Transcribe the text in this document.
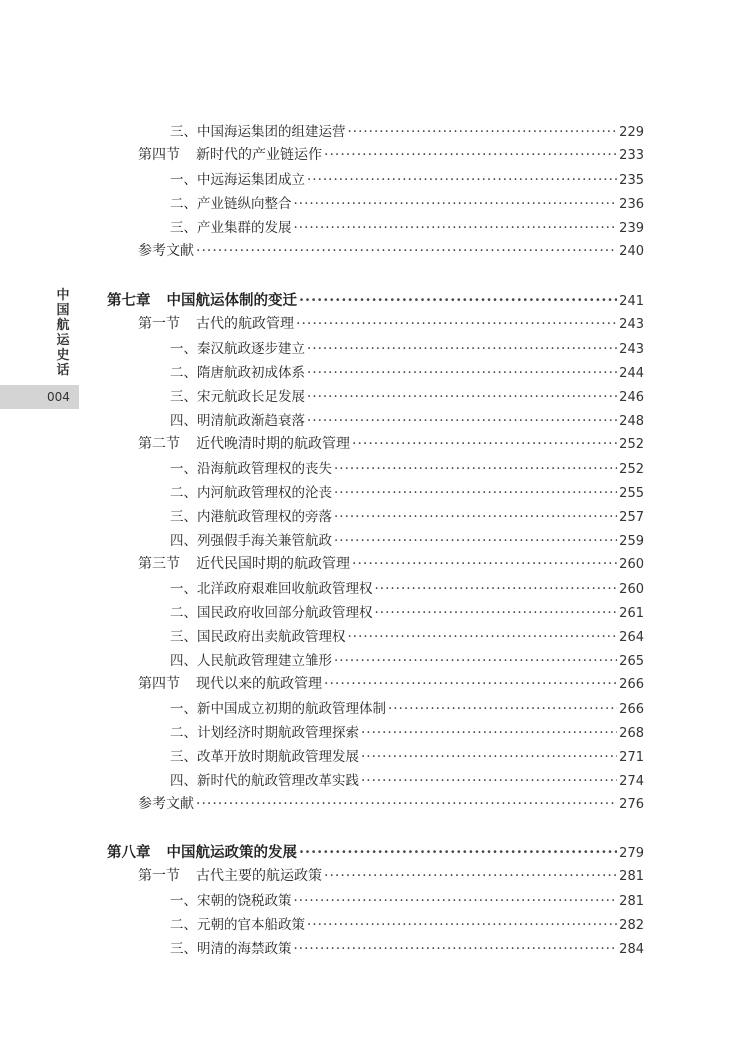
中国航运史话
004
三、中国海运集团的组建运营 ·····	229
第四节 新时代的产业链运作 ·····	233
一、中远海运集团成立 ·····	235
二、产业链纵向整合 ·····	236
三、产业集群的发展 ·····	239
参考文献 ·····	240
第七章 中国航运体制的变迁 ·····	241
第一节 古代的航政管理 ·····	243
一、秦汉航政逐步建立 ·····	243
二、隋唐航政初成体系 ·····	244
三、宋元航政长足发展 ·····	246
四、明清航政渐趋衰落 ·····	248
第二节 近代晚清时期的航政管理 ·····	252
一、沿海航政管理权的丧失 ·····	252
二、内河航政管理权的沦丧 ·····	255
三、内港航政管理权的旁落 ·····	257
四、列强假手海关兼管航政 ·····	259
第三节 近代民国时期的航政管理 ·····	260
一、北洋政府艰难回收航政管理权 ·····	260
二、国民政府收回部分航政管理权 ·····	261
三、国民政府出卖航政管理权 ·····	264
四、人民航政管理建立雏形 ·····	265
第四节 现代以来的航政管理 ·····	266
一、新中国成立初期的航政管理体制 ·····	266
二、计划经济时期航政管理探索 ·····	268
三、改革开放时期航政管理发展 ·····	271
四、新时代的航政管理改革实践 ·····	274
参考文献 ·····	276
第八章 中国航运政策的发展 ·····	279
第一节 古代主要的航运政策 ·····	281
一、宋朝的饶税政策 ·····	281
二、元朝的官本船政策 ·····	282
三、明清的海禁政策 ·····	284
